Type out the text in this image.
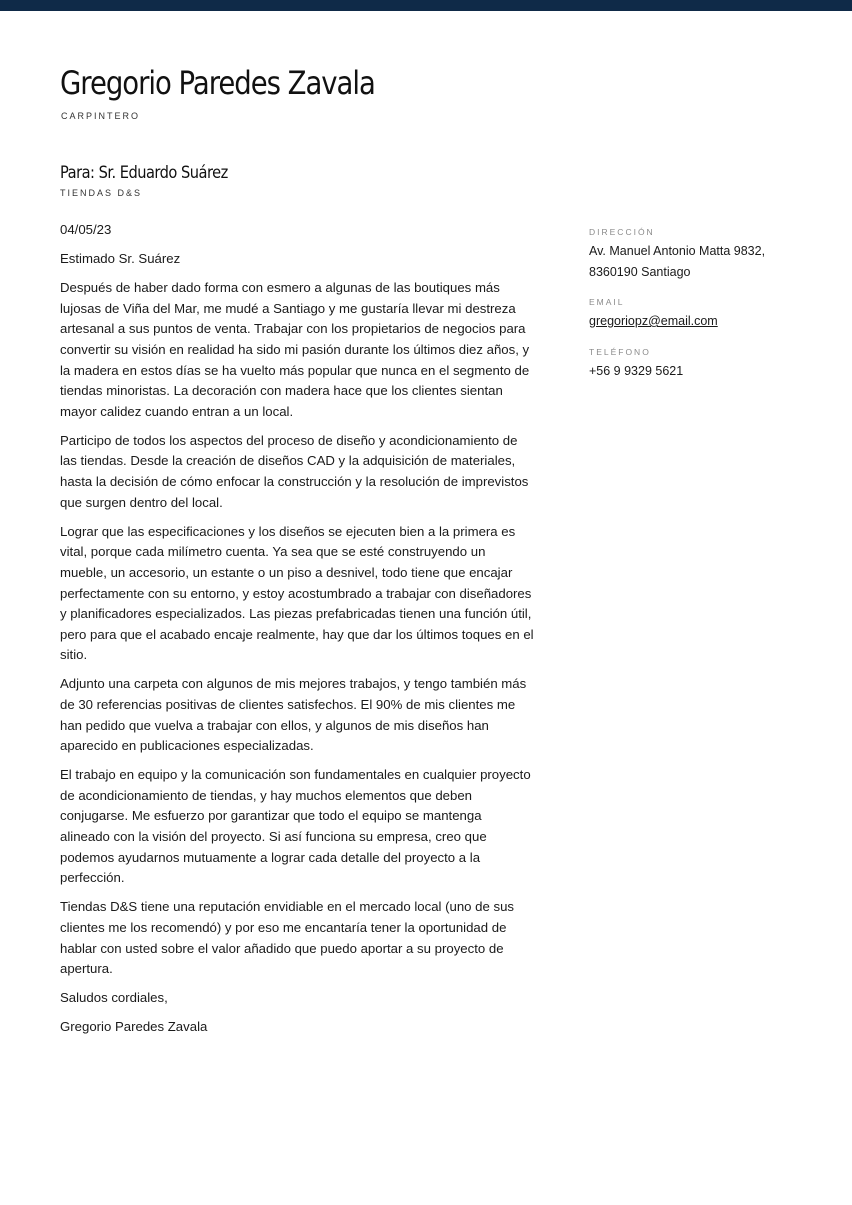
Gregorio Paredes Zavala
CARPINTERO
Para: Sr. Eduardo Suárez
TIENDAS D&S

04/05/23

Estimado Sr. Suárez

Después de haber dado forma con esmero a algunas de las boutiques más lujosas de Viña del Mar, me mudé a Santiago y me gustaría llevar mi destreza artesanal a sus puntos de venta. Trabajar con los propietarios de negocios para convertir su visión en realidad ha sido mi pasión durante los últimos diez años, y la madera en estos días se ha vuelto más popular que nunca en el segmento de tiendas minoristas. La decoración con madera hace que los clientes sientan mayor calidez cuando entran a un local.

Participo de todos los aspectos del proceso de diseño y acondicionamiento de las tiendas. Desde la creación de diseños CAD y la adquisición de materiales, hasta la decisión de cómo enfocar la construcción y la resolución de imprevistos que surgen dentro del local.

Lograr que las especificaciones y los diseños se ejecuten bien a la primera es vital, porque cada milímetro cuenta. Ya sea que se esté construyendo un mueble, un accesorio, un estante o un piso a desnivel, todo tiene que encajar perfectamente con su entorno, y estoy acostumbrado a trabajar con diseñadores y planificadores especializados. Las piezas prefabricadas tienen una función útil, pero para que el acabado encaje realmente, hay que dar los últimos toques en el sitio.

Adjunto una carpeta con algunos de mis mejores trabajos, y tengo también más de 30 referencias positivas de clientes satisfechos. El 90% de mis clientes me han pedido que vuelva a trabajar con ellos, y algunos de mis diseños han aparecido en publicaciones especializadas.

El trabajo en equipo y la comunicación son fundamentales en cualquier proyecto de acondicionamiento de tiendas, y hay muchos elementos que deben conjugarse. Me esfuerzo por garantizar que todo el equipo se mantenga alineado con la visión del proyecto. Si así funciona su empresa, creo que podemos ayudarnos mutuamente a lograr cada detalle del proyecto a la perfección.

Tiendas D&S tiene una reputación envidiable en el mercado local (uno de sus clientes me los recomendó) y por eso me encantaría tener la oportunidad de hablar con usted sobre el valor añadido que puedo aportar a su proyecto de apertura.

Saludos cordiales,

Gregorio Paredes Zavala

DIRECCIÓN
Av. Manuel Antonio Matta 9832,
8360190 Santiago
EMAIL
gregoriopz@email.com
TELÉFONO
+56 9 9329 5621
